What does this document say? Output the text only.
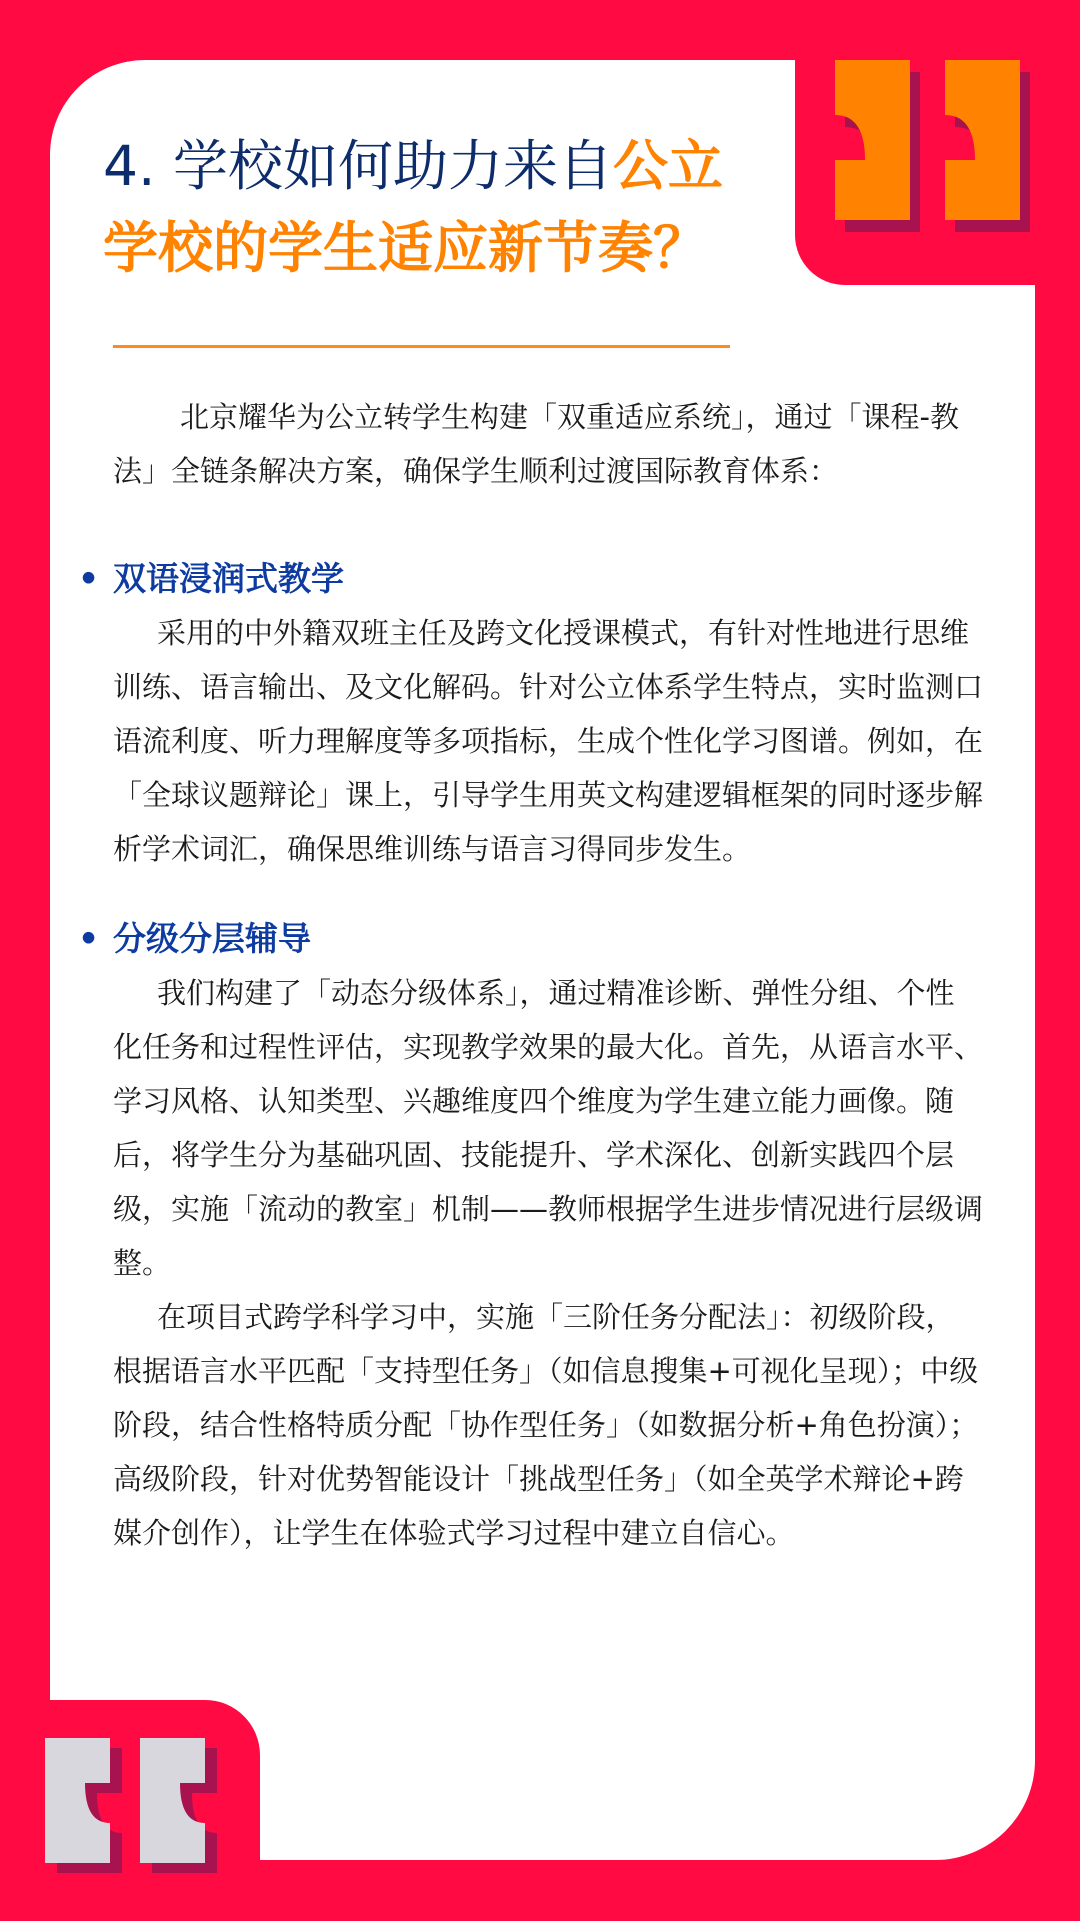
4. 学校如何助力来自公立
学校的学生适应新节奏？

北京耀华为公立转学生构建「双重适应系统」，通过「课程-教法」全链条解决方案，确保学生顺利过渡国际教育体系：

• 双语浸润式教学

采用的中外籍双班主任及跨文化授课模式，有针对性地进行思维训练、语言输出、及文化解码。针对公立体系学生特点，实时监测口语流利度、听力理解度等多项指标，生成个性化学习图谱。例如，在「全球议题辩论」课上，引导学生用英文构建逻辑框架的同时逐步解析学术词汇，确保思维训练与语言习得同步发生。

• 分级分层辅导

我们构建了「动态分级体系」，通过精准诊断、弹性分组、个性化任务和过程性评估，实现教学效果的最大化。首先，从语言水平、学习风格、认知类型、兴趣维度四个维度为学生建立能力画像。随后，将学生分为基础巩固、技能提升、学术深化、创新实践四个层级，实施「流动的教室」机制——教师根据学生进步情况进行层级调整。

在项目式跨学科学习中，实施「三阶任务分配法」：初级阶段，根据语言水平匹配「支持型任务」（如信息搜集+可视化呈现）；中级阶段，结合性格特质分配「协作型任务」（如数据分析+角色扮演）；高级阶段，针对优势智能设计「挑战型任务」（如全英学术辩论+跨媒介创作），让学生在体验式学习过程中建立自信心。
